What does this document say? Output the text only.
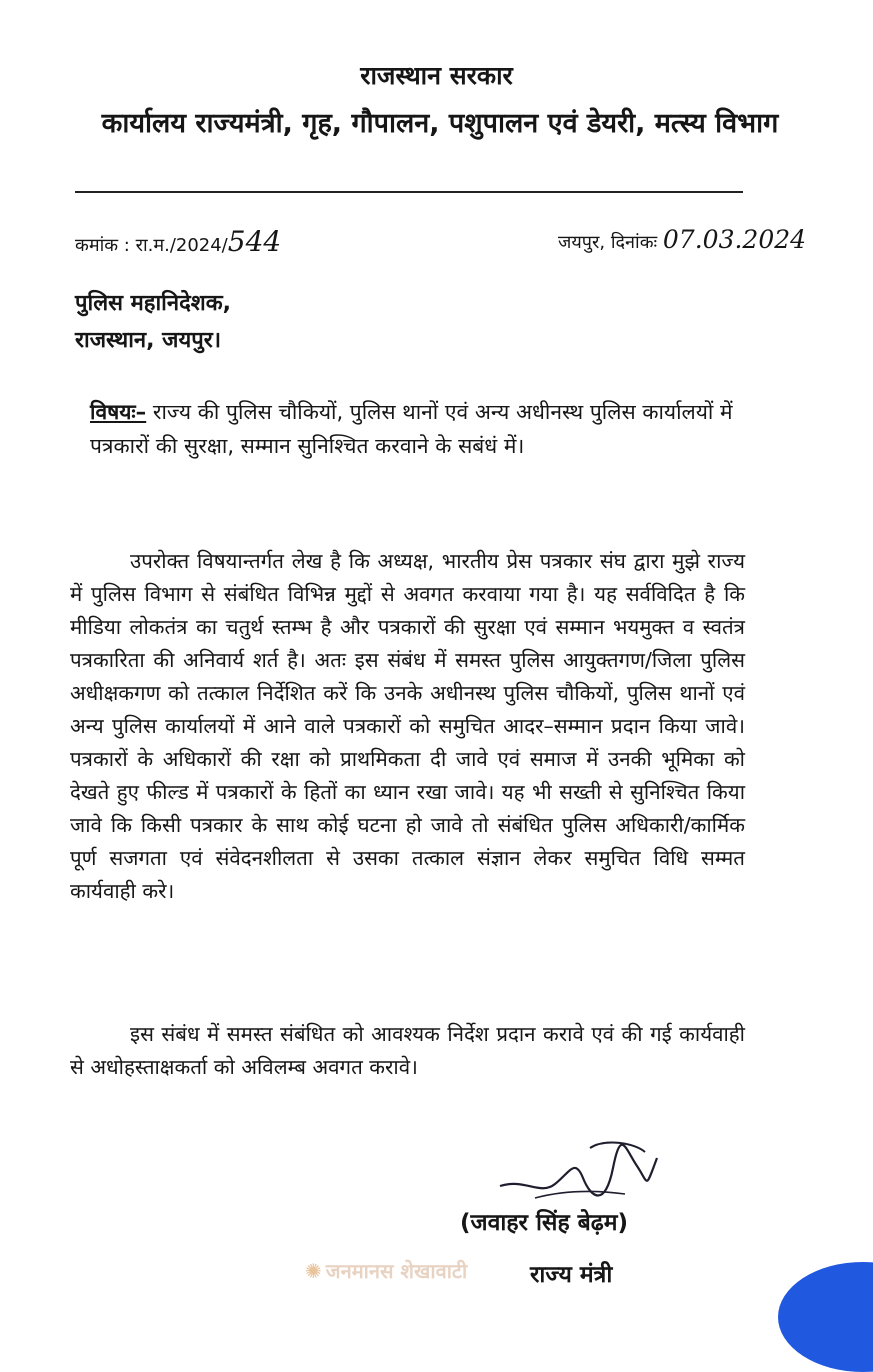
राजस्थान सरकार
कार्यालय राज्यमंत्री, गृह, गौपालन, पशुपालन एवं डेयरी, मत्स्य विभाग
कमांक : रा.म./2024/544	जयपुर, दिनांकः 07.03.2024
पुलिस महानिदेशक,
राजस्थान, जयपुर।
विषयः– राज्य की पुलिस चौकियों, पुलिस थानों एवं अन्य अधीनस्थ पुलिस कार्यालयों में पत्रकारों की सुरक्षा, सम्मान सुनिश्चित करवाने के सबंधं में।
उपरोक्त विषयान्तर्गत लेख है कि अध्यक्ष, भारतीय प्रेस पत्रकार संघ द्वारा मुझे राज्य में पुलिस विभाग से संबंधित विभिन्न मुद्दों से अवगत करवाया गया है। यह सर्वविदित है कि मीडिया लोकतंत्र का चतुर्थ स्तम्भ है और पत्रकारों की सुरक्षा एवं सम्मान भयमुक्त व स्वतंत्र पत्रकारिता की अनिवार्य शर्त है। अतः इस संबंध में समस्त पुलिस आयुक्तगण/जिला पुलिस अधीक्षकगण को तत्काल निर्देशित करें कि उनके अधीनस्थ पुलिस चौकियों, पुलिस थानों एवं अन्य पुलिस कार्यालयों में आने वाले पत्रकारों को समुचित आदर–सम्मान प्रदान किया जावे। पत्रकारों के अधिकारों की रक्षा को प्राथमिकता दी जावे एवं समाज में उनकी भूमिका को देखते हुए फील्ड में पत्रकारों के हितों का ध्यान रखा जावे। यह भी सख्ती से सुनिश्चित किया जावे कि किसी पत्रकार के साथ कोई घटना हो जावे तो संबंधित पुलिस अधिकारी/कार्मिक पूर्ण सजगता एवं संवेदनशीलता से उसका तत्काल संज्ञान लेकर समुचित विधि सम्मत कार्यवाही करे।
इस संबंध में समस्त संबंधित को आवश्यक निर्देश प्रदान करावे एवं की गई कार्यवाही से अधोहस्ताक्षकर्ता को अविलम्ब अवगत करावे।
(जवाहर सिंह बेढ़म)
✺ जनमानस शेखावाटी	राज्य मंत्री
